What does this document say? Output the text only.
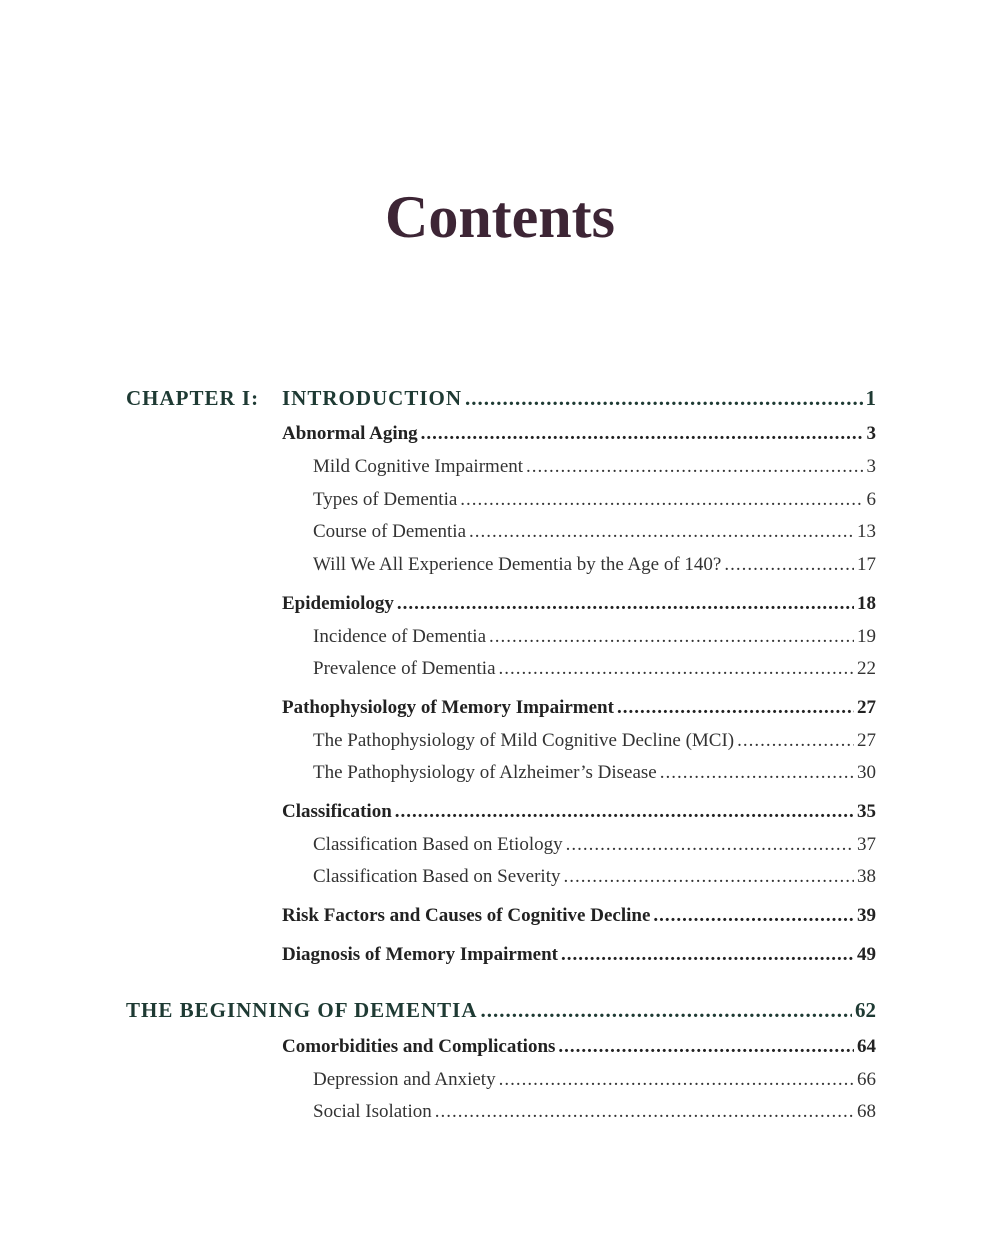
Contents
CHAPTER I: INTRODUCTION .....	1
Abnormal Aging .....	3
Mild Cognitive Impairment .....	3
Types of Dementia .....	6
Course of Dementia .....	13
Will We All Experience Dementia by the Age of 140? .....	17
Epidemiology .....	18
Incidence of Dementia .....	19
Prevalence of Dementia .....	22
Pathophysiology of Memory Impairment .....	27
The Pathophysiology of Mild Cognitive Decline (MCI) .....	27
The Pathophysiology of Alzheimer’s Disease .....	30
Classification .....	35
Classification Based on Etiology .....	37
Classification Based on Severity .....	38
Risk Factors and Causes of Cognitive Decline .....	39
Diagnosis of Memory Impairment .....	49
THE BEGINNING OF DEMENTIA .....	62
Comorbidities and Complications .....	64
Depression and Anxiety .....	66
Social Isolation .....	68
